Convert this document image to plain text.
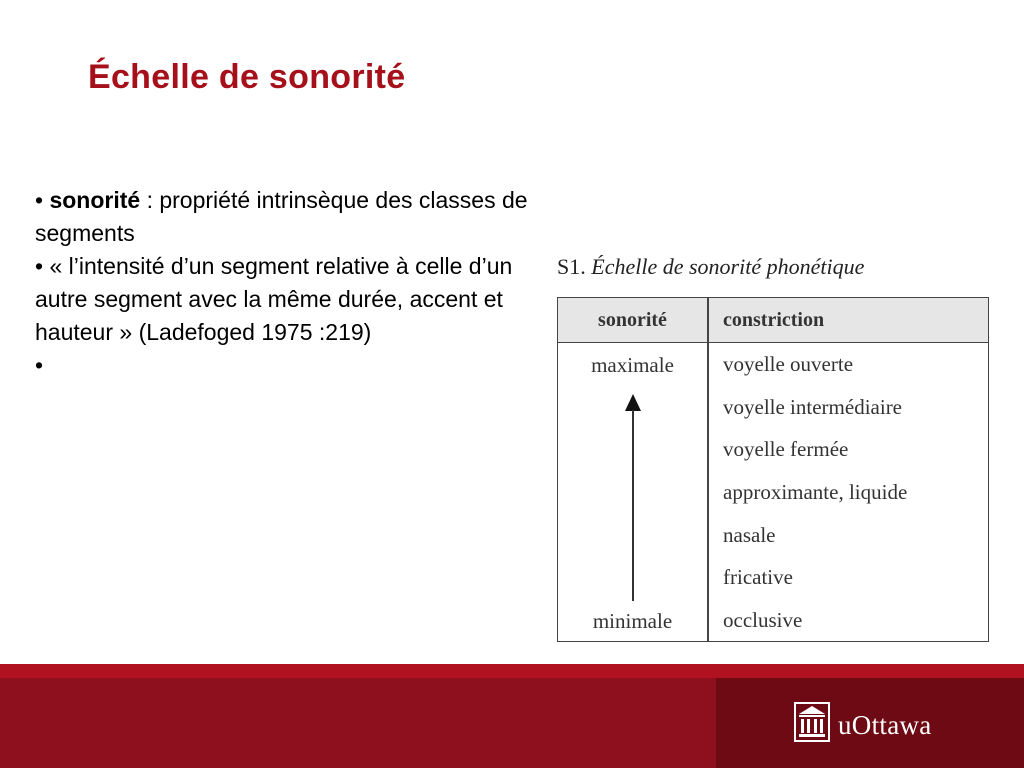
Échelle de sonorité

• sonorité : propriété intrinsèque des classes de segments

• « l’intensité d’un segment relative à celle d’un autre segment avec la même durée, accent et hauteur » (Ladefoged 1975 :219)

•

S1. Échelle de sonorité phonétique
sonorité	constriction
maximale
minimale
voyelle ouverte
voyelle intermédiaire
voyelle fermée
approximante, liquide
nasale
fricative
occlusive
uOttawa
